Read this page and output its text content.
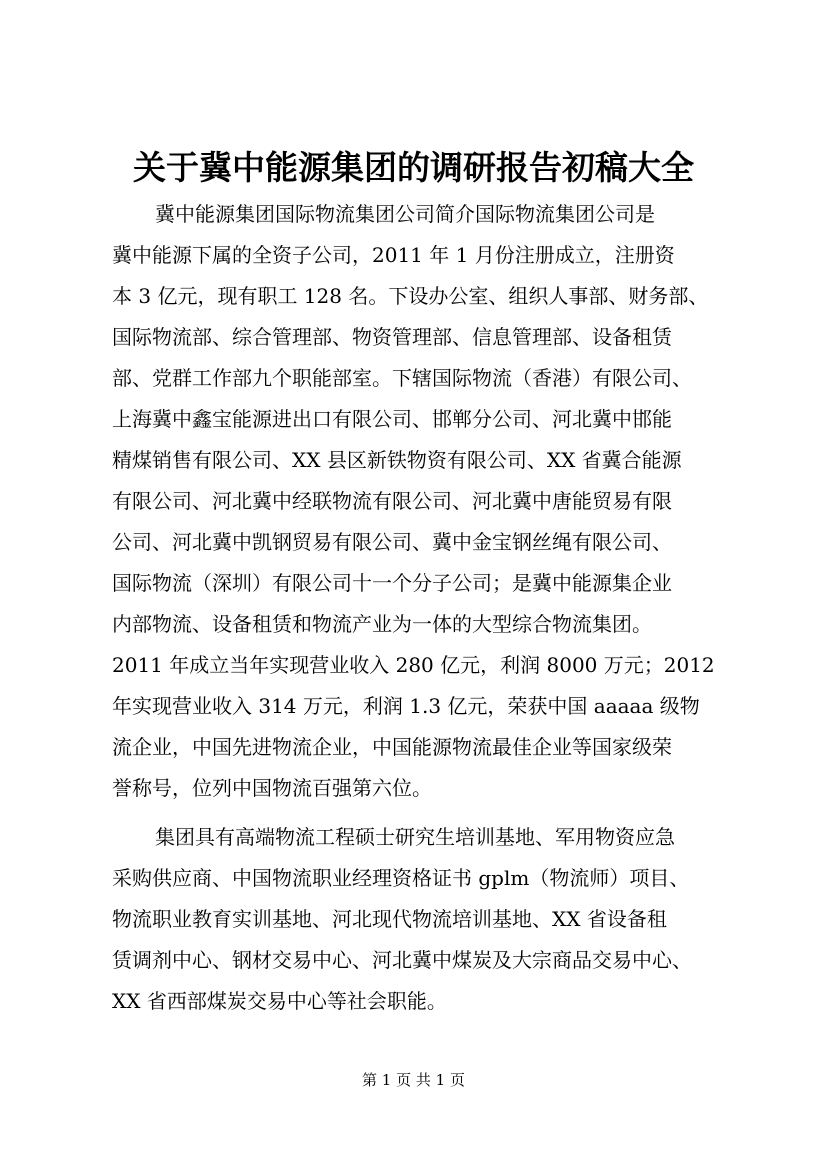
关于冀中能源集团的调研报告初稿大全
冀中能源集团国际物流集团公司简介国际物流集团公司是
冀中能源下属的全资子公司，2011 年 1 月份注册成立，注册资
本 3 亿元，现有职工 128 名。下设办公室、组织人事部、财务部、
国际物流部、综合管理部、物资管理部、信息管理部、设备租赁
部、党群工作部九个职能部室。下辖国际物流（香港）有限公司、
上海冀中鑫宝能源进出口有限公司、邯郸分公司、河北冀中邯能
精煤销售有限公司、XX 县区新铁物资有限公司、XX 省冀合能源
有限公司、河北冀中经联物流有限公司、河北冀中唐能贸易有限
公司、河北冀中凯钢贸易有限公司、冀中金宝钢丝绳有限公司、
国际物流（深圳）有限公司十一个分子公司；是冀中能源集企业
内部物流、设备租赁和物流产业为一体的大型综合物流集团。
2011 年成立当年实现营业收入 280 亿元，利润 8000 万元；2012
年实现营业收入 314 万元，利润 1.3 亿元，荣获中国 aaaaa 级物
流企业，中国先进物流企业，中国能源物流最佳企业等国家级荣
誉称号，位列中国物流百强第六位。
集团具有高端物流工程硕士研究生培训基地、军用物资应急
采购供应商、中国物流职业经理资格证书 gplm（物流师）项目、
物流职业教育实训基地、河北现代物流培训基地、XX 省设备租
赁调剂中心、钢材交易中心、河北冀中煤炭及大宗商品交易中心、
XX 省西部煤炭交易中心等社会职能。
第 1 页 共 1 页
